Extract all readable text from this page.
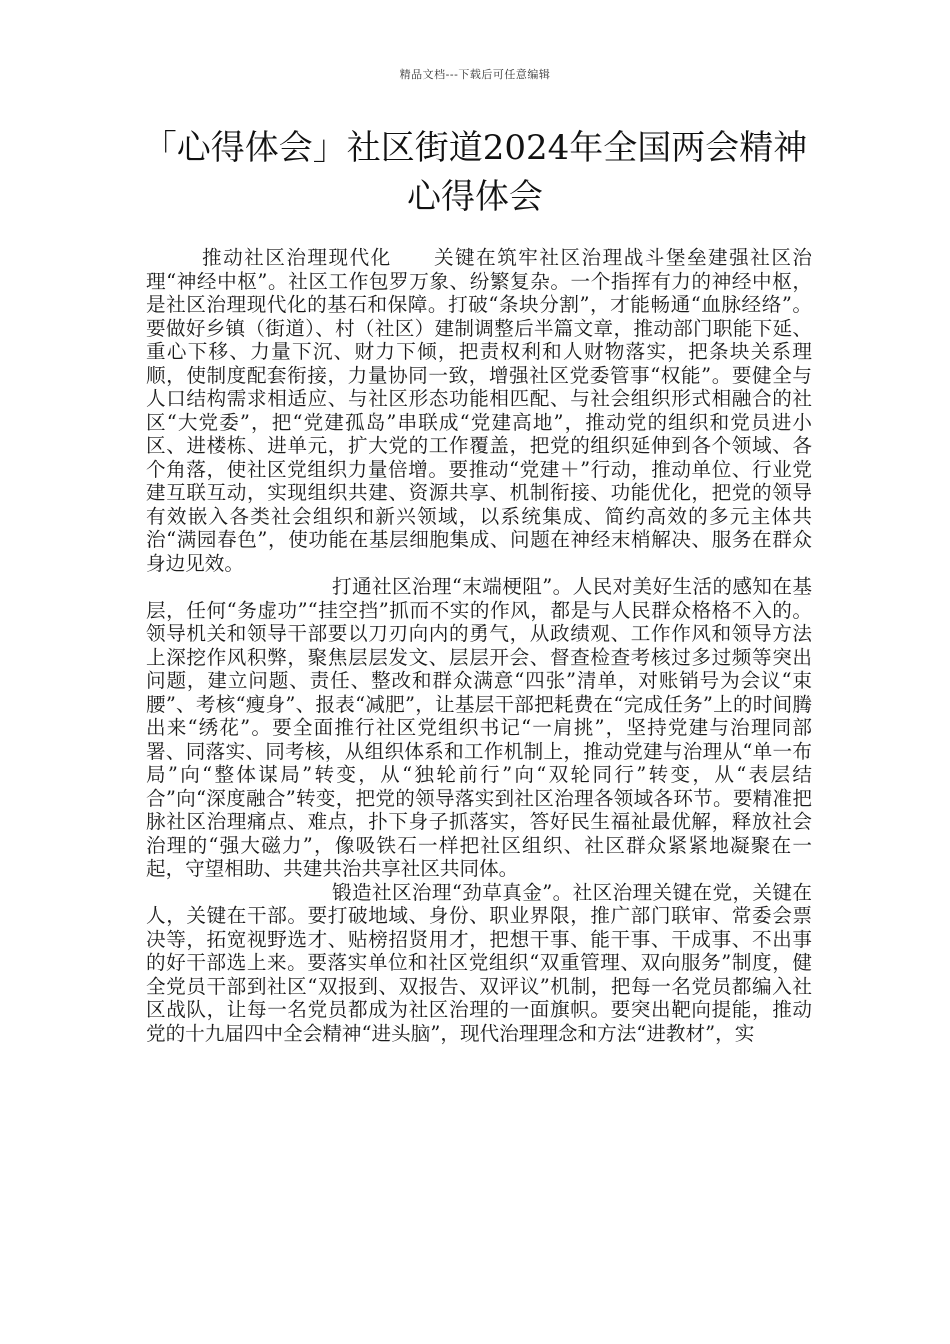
精品文档---下载后可任意编辑
「心得体会」社区街道2024年全国两会精神心得体会

推动社区治理现代化　　关键在筑牢社区治理战斗堡垒建强社区治理“神经中枢”。社区工作包罗万象、纷繁复杂。一个指挥有力的神经中枢，是社区治理现代化的基石和保障。打破“条块分割”，才能畅通“血脉经络”。要做好乡镇（街道）、村（社区）建制调整后半篇文章，推动部门职能下延、重心下移、力量下沉、财力下倾，把责权利和人财物落实，把条块关系理顺，使制度配套衔接，力量协同一致，增强社区党委管事“权能”。要健全与人口结构需求相适应、与社区形态功能相匹配、与社会组织形式相融合的社区“大党委”，把“党建孤岛”串联成“党建高地”，推动党的组织和党员进小区、进楼栋、进单元，扩大党的工作覆盖，把党的组织延伸到各个领域、各个角落，使社区党组织力量倍增。要推动“党建＋”行动，推动单位、行业党建互联互动，实现组织共建、资源共享、机制衔接、功能优化，把党的领导有效嵌入各类社会组织和新兴领域，以系统集成、简约高效的多元主体共治“满园春色”，使功能在基层细胞集成、问题在神经末梢解决、服务在群众身边见效。

打通社区治理“末端梗阻”。人民对美好生活的感知在基层，任何“务虚功”“挂空挡”抓而不实的作风，都是与人民群众格格不入的。领导机关和领导干部要以刀刃向内的勇气，从政绩观、工作作风和领导方法上深挖作风积弊，聚焦层层发文、层层开会、督查检查考核过多过频等突出问题，建立问题、责任、整改和群众满意“四张”清单，对账销号为会议“束腰”、考核“瘦身”、报表“减肥”，让基层干部把耗费在“完成任务”上的时间腾出来“绣花”。要全面推行社区党组织书记“一肩挑”，坚持党建与治理同部署、同落实、同考核，从组织体系和工作机制上，推动党建与治理从“单一布局”向“整体谋局”转变，从“独轮前行”向“双轮同行”转变，从“表层结合”向“深度融合”转变，把党的领导落实到社区治理各领域各环节。要精准把脉社区治理痛点、难点，扑下身子抓落实，答好民生福祉最优解，释放社会治理的“强大磁力”，像吸铁石一样把社区组织、社区群众紧紧地凝聚在一起，守望相助、共建共治共享社区共同体。

锻造社区治理“劲草真金”。社区治理关键在党，关键在人，关键在干部。要打破地域、身份、职业界限，推广部门联审、常委会票决等，拓宽视野选才、贴榜招贤用才，把想干事、能干事、干成事、不出事的好干部选上来。要落实单位和社区党组织“双重管理、双向服务”制度，健全党员干部到社区“双报到、双报告、双评议”机制，把每一名党员都编入社区战队，让每一名党员都成为社区治理的一面旗帜。要突出靶向提能，推动党的十九届四中全会精神“进头脑”，现代治理理念和方法“进教材”，实
